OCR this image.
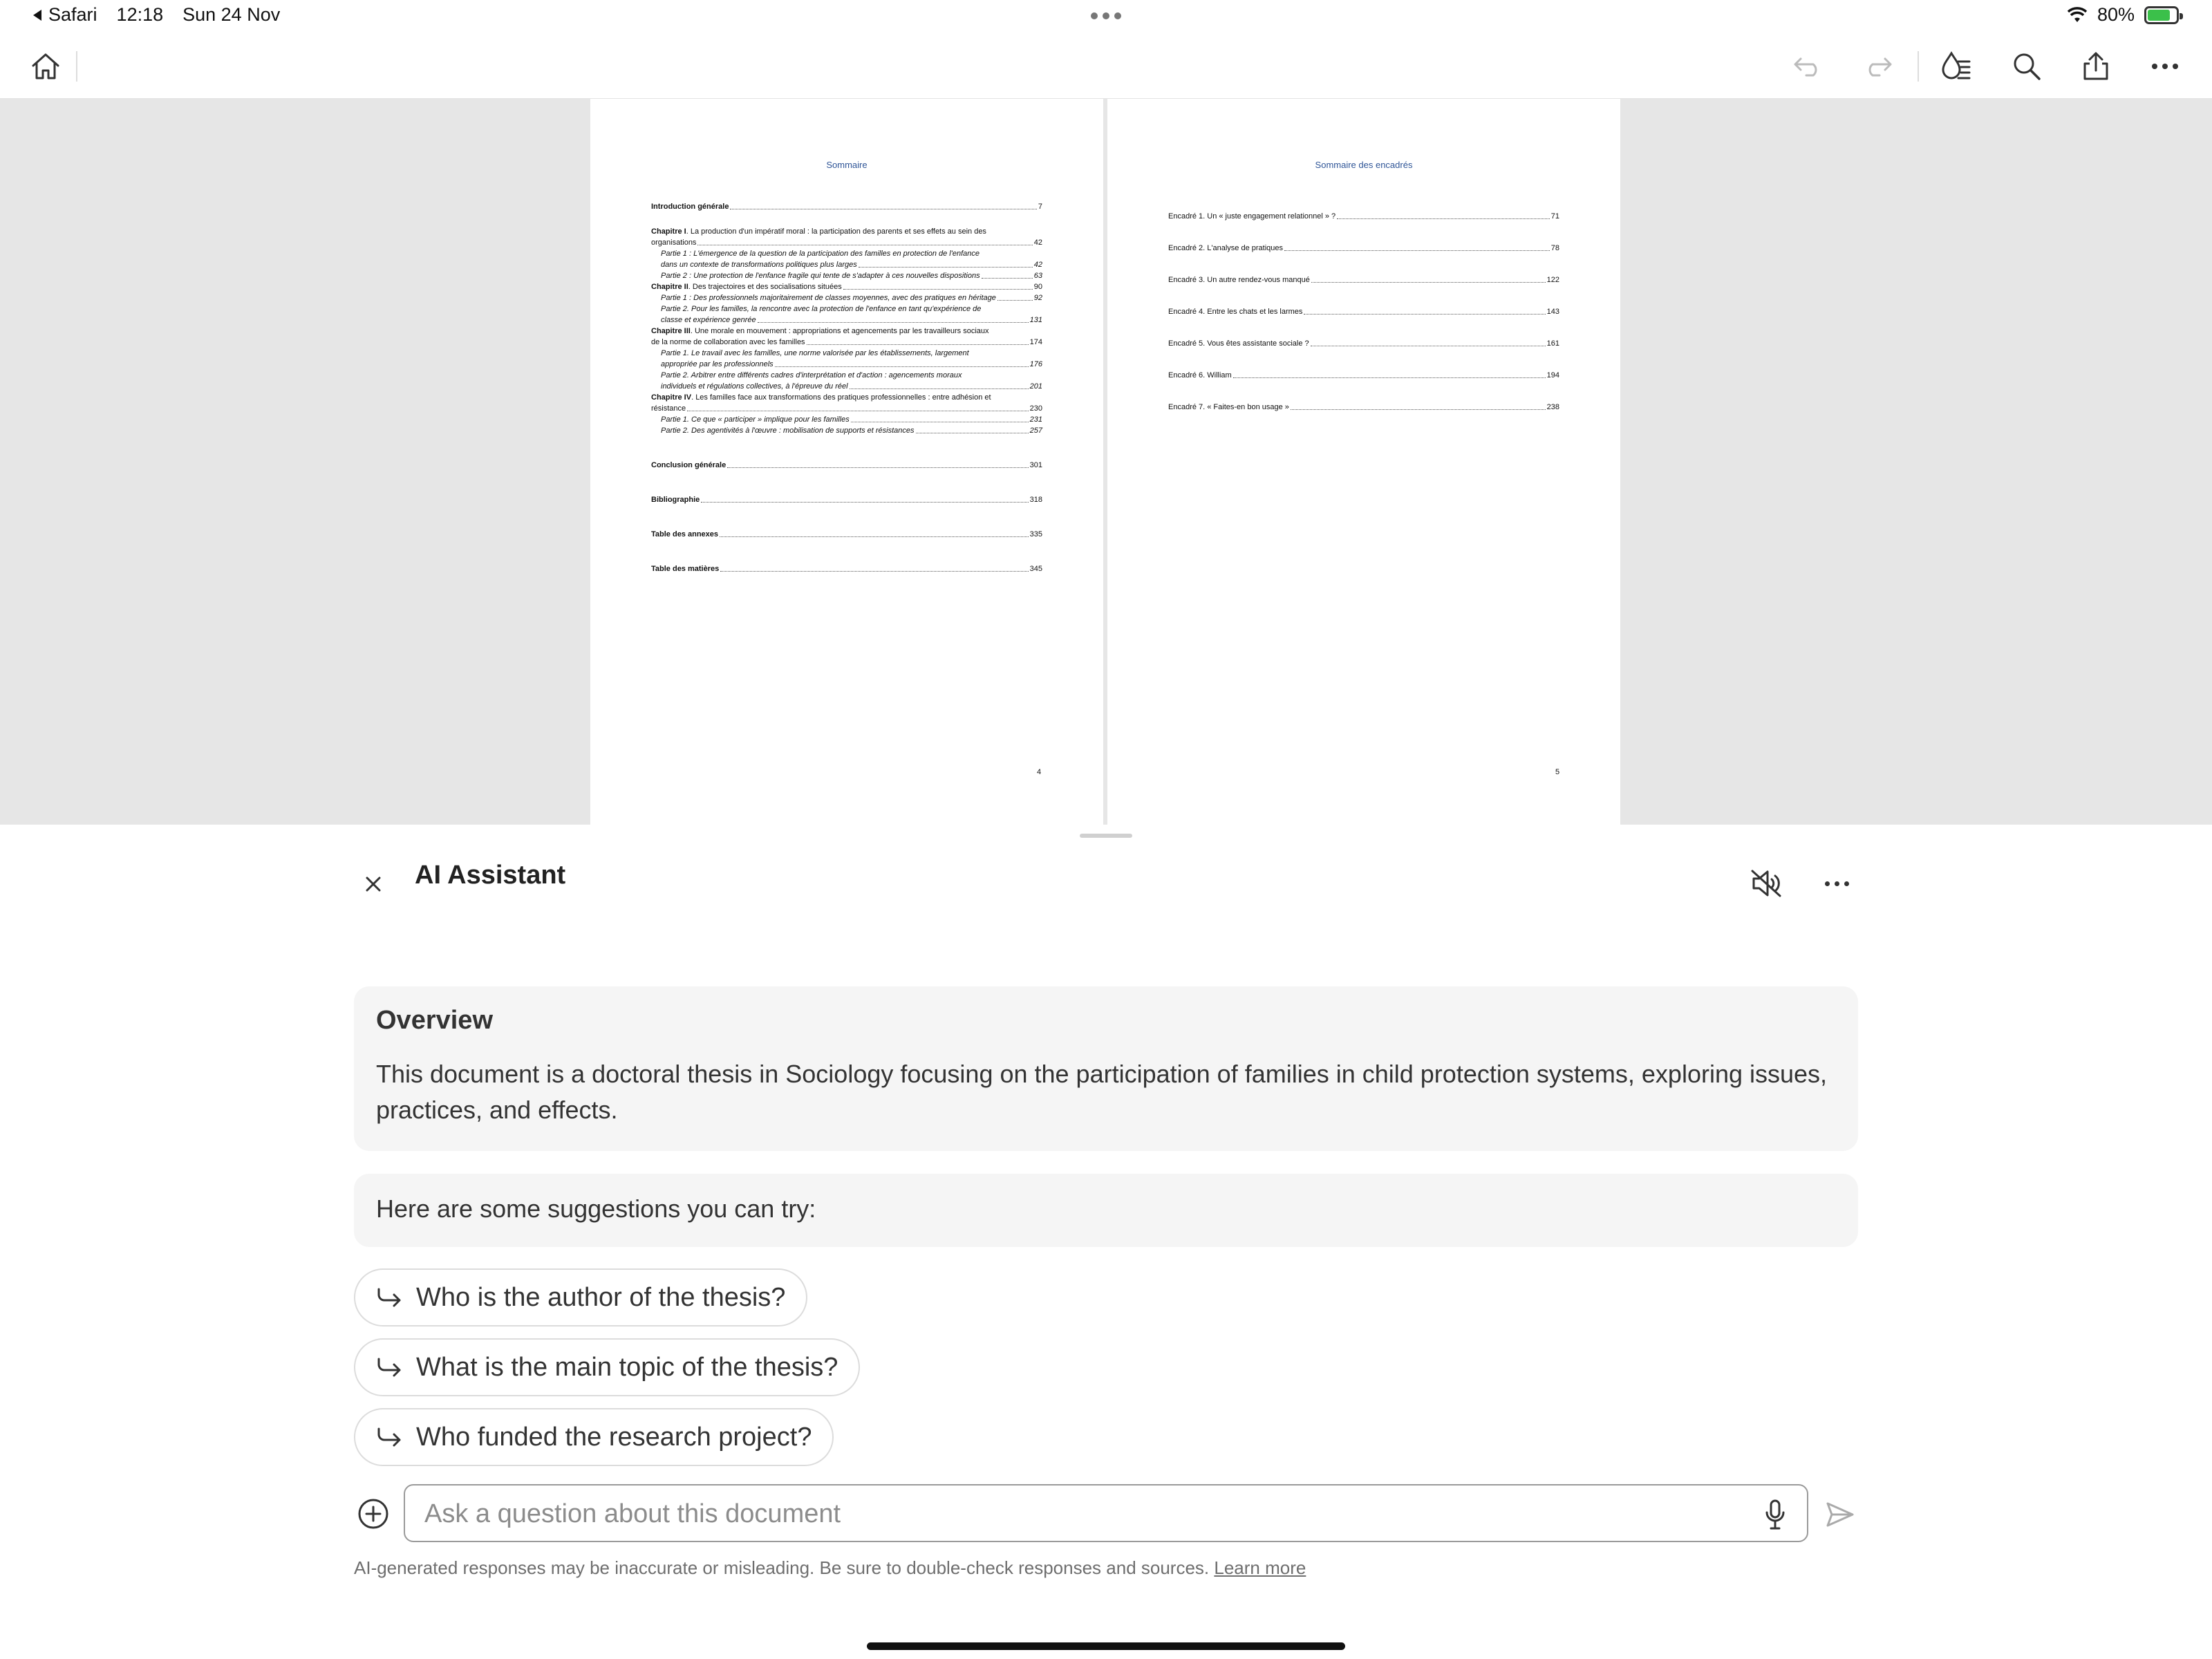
Safari 12:18 Sun 24 Nov	80%
Sommaire
Introduction générale	7
Chapitre I. La production d'un impératif moral : la participation des parents et ses effets au sein des
organisations	42
Partie 1 : L'émergence de la question de la participation des familles en protection de l'enfance
dans un contexte de transformations politiques plus larges	42
Partie 2 : Une protection de l'enfance fragile qui tente de s'adapter à ces nouvelles dispositions	63
Chapitre II. Des trajectoires et des socialisations situées	90
Partie 1 : Des professionnels majoritairement de classes moyennes, avec des pratiques en héritage	92
Partie 2. Pour les familles, la rencontre avec la protection de l'enfance en tant qu'expérience de
classe et expérience genrée	131
Chapitre III. Une morale en mouvement : appropriations et agencements par les travailleurs sociaux
de la norme de collaboration avec les familles	174
Partie 1. Le travail avec les familles, une norme valorisée par les établissements, largement
appropriée par les professionnels	176
Partie 2. Arbitrer entre différents cadres d'interprétation et d'action : agencements moraux
individuels et régulations collectives, à l'épreuve du réel	201
Chapitre IV. Les familles face aux transformations des pratiques professionnelles : entre adhésion et
résistance	230
Partie 1. Ce que « participer » implique pour les familles	231
Partie 2. Des agentivités à l'œuvre : mobilisation de supports et résistances	257
Conclusion générale	301
Bibliographie	318
Table des annexes	335
Table des matières	345
4
Sommaire des encadrés
Encadré 1. Un « juste engagement relationnel » ?	71
Encadré 2. L'analyse de pratiques	78
Encadré 3. Un autre rendez-vous manqué	122
Encadré 4. Entre les chats et les larmes	143
Encadré 5. Vous êtes assistante sociale ?	161
Encadré 6. William	194
Encadré 7. « Faites-en bon usage »	238
5
AI Assistant
Overview
This document is a doctoral thesis in Sociology focusing on the participation of families in child protection systems, exploring issues, practices, and effects.
Here are some suggestions you can try:
Who is the author of the thesis?
What is the main topic of the thesis?
Who funded the research project?
Ask a question about this document
AI-generated responses may be inaccurate or misleading. Be sure to double-check responses and sources. Learn more
